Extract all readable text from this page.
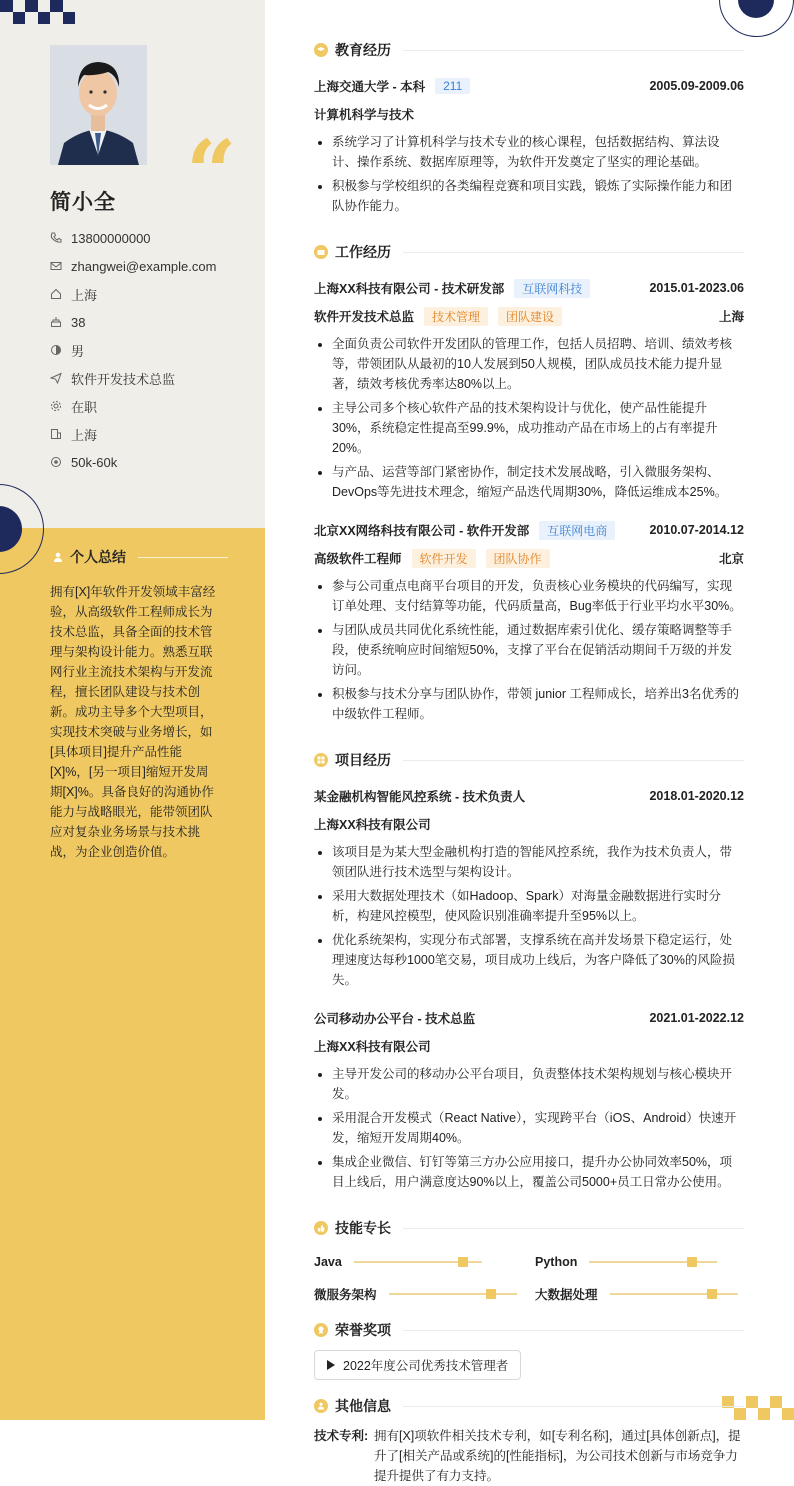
“
简小全
13800000000
zhangwei@example.com
上海
38
男
软件开发技术总监
在职
上海
50k-60k
个人总结
拥有[X]年软件开发领域丰富经验，从高级软件工程师成长为技术总监，具备全面的技术管理与架构设计能力。熟悉互联网行业主流技术架构与开发流程，擅长团队建设与技术创新。成功主导多个大型项目，实现技术突破与业务增长，如[具体项目]提升产品性能[X]%，[另一项目]缩短开发周期[X]%。具备良好的沟通协作能力与战略眼光，能带领团队应对复杂业务场景与技术挑战，为企业创造价值。
教育经历
上海交通大学 - 本科	211	2005.09-2009.06
计算机科学与技术
• 系统学习了计算机科学与技术专业的核心课程，包括数据结构、算法设计、操作系统、数据库原理等，为软件开发奠定了坚实的理论基础。
• 积极参与学校组织的各类编程竞赛和项目实践，锻炼了实际操作能力和团队协作能力。
工作经历
上海XX科技有限公司 - 技术研发部	互联网科技	2015.01-2023.06
软件开发技术总监	技术管理	团队建设	上海
• 全面负责公司软件开发团队的管理工作，包括人员招聘、培训、绩效考核等，带领团队从最初的10人发展到50人规模，团队成员技术能力提升显著，绩效考核优秀率达80%以上。
• 主导公司多个核心软件产品的技术架构设计与优化，使产品性能提升30%，系统稳定性提高至99.9%，成功推动产品在市场上的占有率提升20%。
• 与产品、运营等部门紧密协作，制定技术发展战略，引入微服务架构、DevOps等先进技术理念，缩短产品迭代周期30%，降低运维成本25%。
北京XX网络科技有限公司 - 软件开发部	互联网电商	2010.07-2014.12
高级软件工程师	软件开发	团队协作	北京
• 参与公司重点电商平台项目的开发，负责核心业务模块的代码编写，实现订单处理、支付结算等功能，代码质量高，Bug率低于行业平均水平30%。
• 与团队成员共同优化系统性能，通过数据库索引优化、缓存策略调整等手段，使系统响应时间缩短50%，支撑了平台在促销活动期间千万级的并发访问。
• 积极参与技术分享与团队协作，带领 junior 工程师成长，培养出3名优秀的中级软件工程师。
项目经历
某金融机构智能风控系统 - 技术负责人	2018.01-2020.12
上海XX科技有限公司
• 该项目是为某大型金融机构打造的智能风控系统，我作为技术负责人，带领团队进行技术选型与架构设计。
• 采用大数据处理技术（如Hadoop、Spark）对海量金融数据进行实时分析，构建风控模型，使风险识别准确率提升至95%以上。
• 优化系统架构，实现分布式部署，支撑系统在高并发场景下稳定运行，处理速度达每秒1000笔交易，项目成功上线后，为客户降低了30%的风险损失。
公司移动办公平台 - 技术总监	2021.01-2022.12
上海XX科技有限公司
• 主导开发公司的移动办公平台项目，负责整体技术架构规划与核心模块开发。
• 采用混合开发模式（React Native），实现跨平台（iOS、Android）快速开发，缩短开发周期40%。
• 集成企业微信、钉钉等第三方办公应用接口，提升办公协同效率50%，项目上线后，用户满意度达90%以上，覆盖公司5000+员工日常办公使用。
技能专长
Java	Python
微服务架构	大数据处理
荣誉奖项
2022年度公司优秀技术管理者
其他信息
技术专利: 拥有[X]项软件相关技术专利，如[专利名称]，通过[具体创新点]，提升了[相关产品或系统]的[性能指标]，为公司技术创新与市场竞争力提升提供了有力支持。
